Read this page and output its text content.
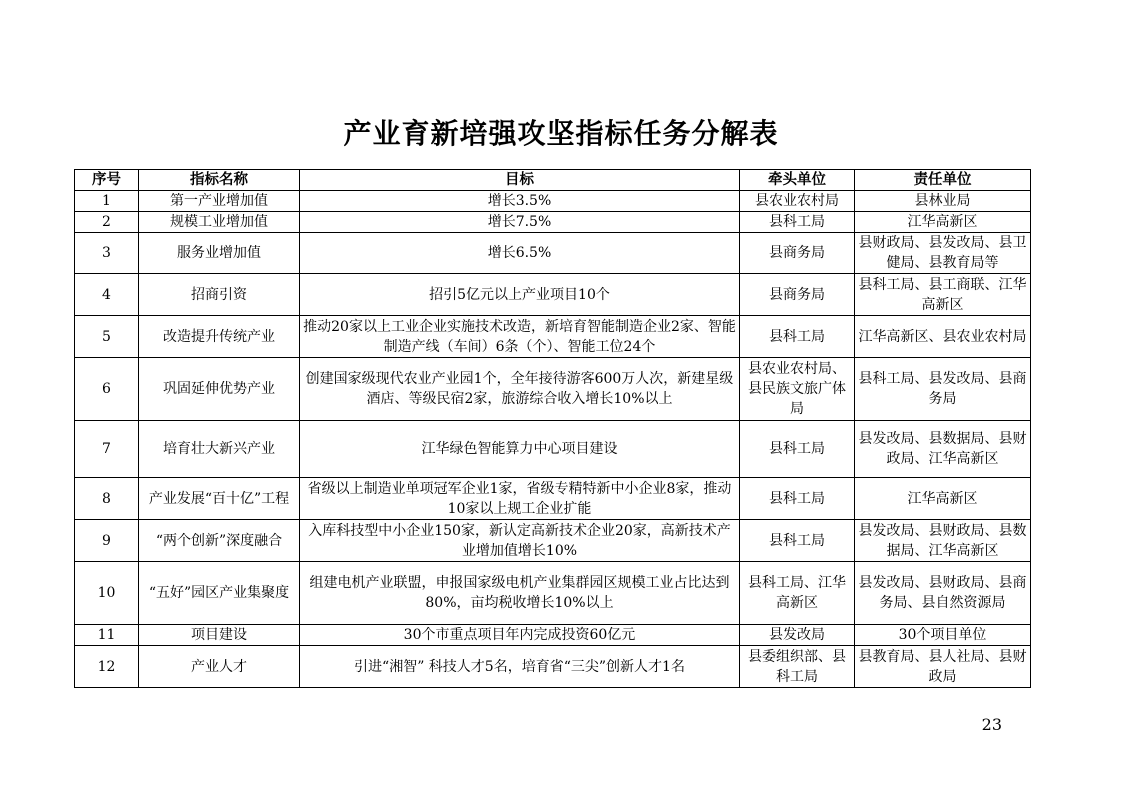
产业育新培强攻坚指标任务分解表
序号	指标名称	目标	牵头单位	责任单位
1	第一产业增加值	增长3.5%	县农业农村局	县林业局
2	规模工业增加值	增长7.5%	县科工局	江华高新区
3	服务业增加值	增长6.5%	县商务局	县财政局、县发改局、县卫健局、县教育局等
4	招商引资	招引5亿元以上产业项目10个	县商务局	县科工局、县工商联、江华高新区
5	改造提升传统产业	推动20家以上工业企业实施技术改造，新培育智能制造企业2家、智能制造产线（车间）6条（个）、智能工位24个	县科工局	江华高新区、县农业农村局
6	巩固延伸优势产业	创建国家级现代农业产业园1个，全年接待游客600万人次，新建星级酒店、等级民宿2家，旅游综合收入增长10%以上	县农业农村局、县民族文旅广体局	县科工局、县发改局、县商务局
7	培育壮大新兴产业	江华绿色智能算力中心项目建设	县科工局	县发改局、县数据局、县财政局、江华高新区
8	产业发展“百十亿”工程	省级以上制造业单项冠军企业1家，省级专精特新中小企业8家，推动 10家以上规工企业扩能	县科工局	江华高新区
9	“两个创新”深度融合	入库科技型中小企业150家，新认定高新技术企业20家，高新技术产业增加值增长10%	县科工局	县发改局、县财政局、县数据局、江华高新区
10	“五好”园区产业集聚度	组建电机产业联盟，申报国家级电机产业集群园区规模工业占比达到80%，亩均税收增长10%以上	县科工局、江华高新区	县发改局、县财政局、县商务局、县自然资源局
11	项目建设	30个市重点项目年内完成投资60亿元	县发改局	30个项目单位
12	产业人才	引进“湘智” 科技人才5名，培育省“三尖”创新人才1名	县委组织部、县科工局	县教育局、县人社局、县财政局
23
